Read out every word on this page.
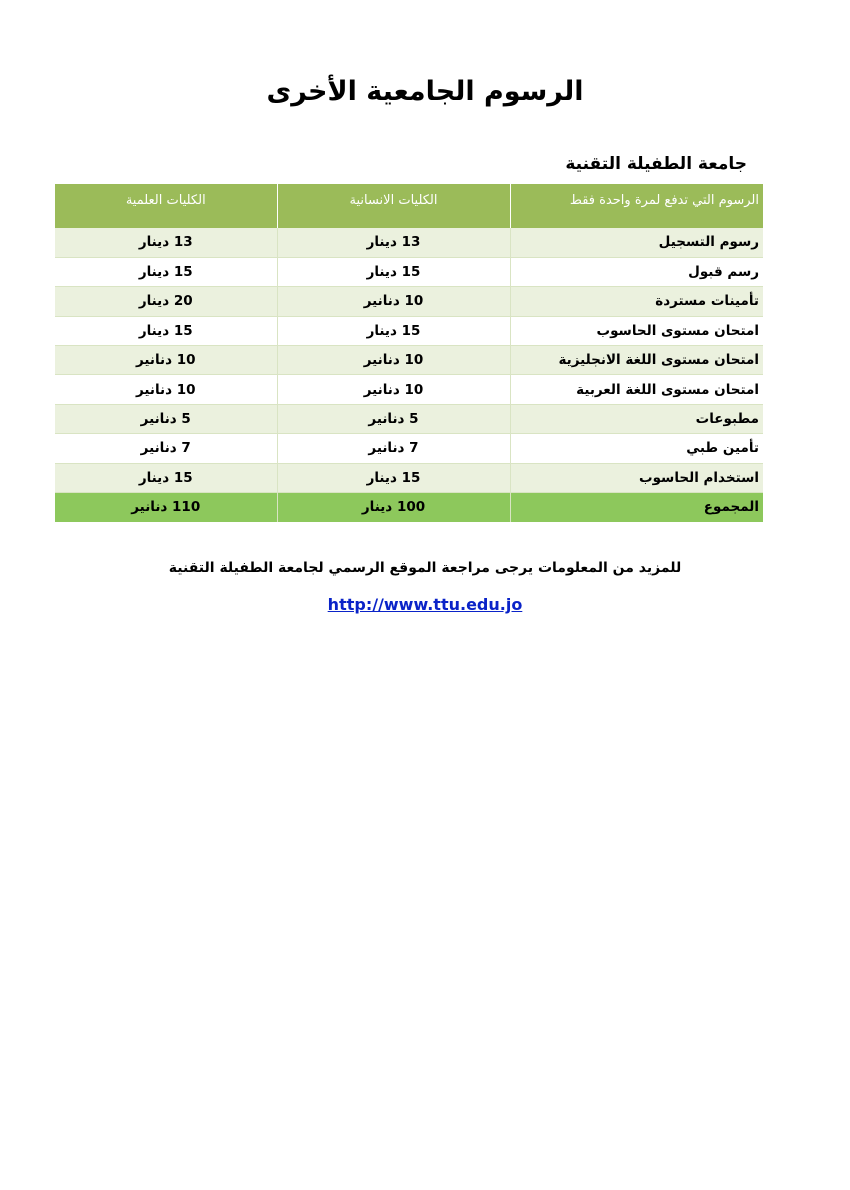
الرسوم الجامعية الأخرى
جامعة الطفيلة التقنية
الرسوم التي تدفع لمرة واحدة فقط	الكليات الانسانية	الكليات العلمية
رسوم التسجيل	13 دينار	13 دينار
رسم قبول	15 دينار	15 دينار
تأمينات مستردة	10 دنانير	20 دينار
امتحان مستوى الحاسوب	15 دينار	15 دينار
امتحان مستوى اللغة الانجليزية	10 دنانير	10 دنانير
امتحان مستوى اللغة العربية	10 دنانير	10 دنانير
مطبوعات	5 دنانير	5 دنانير
تأمين طبي	7 دنانير	7 دنانير
استخدام الحاسوب	15 دينار	15 دينار
المجموع	100 دينار	110 دنانير

للمزيد من المعلومات يرجى مراجعة الموقع الرسمي لجامعة الطفيلة التقنية

http://www.ttu.edu.jo
